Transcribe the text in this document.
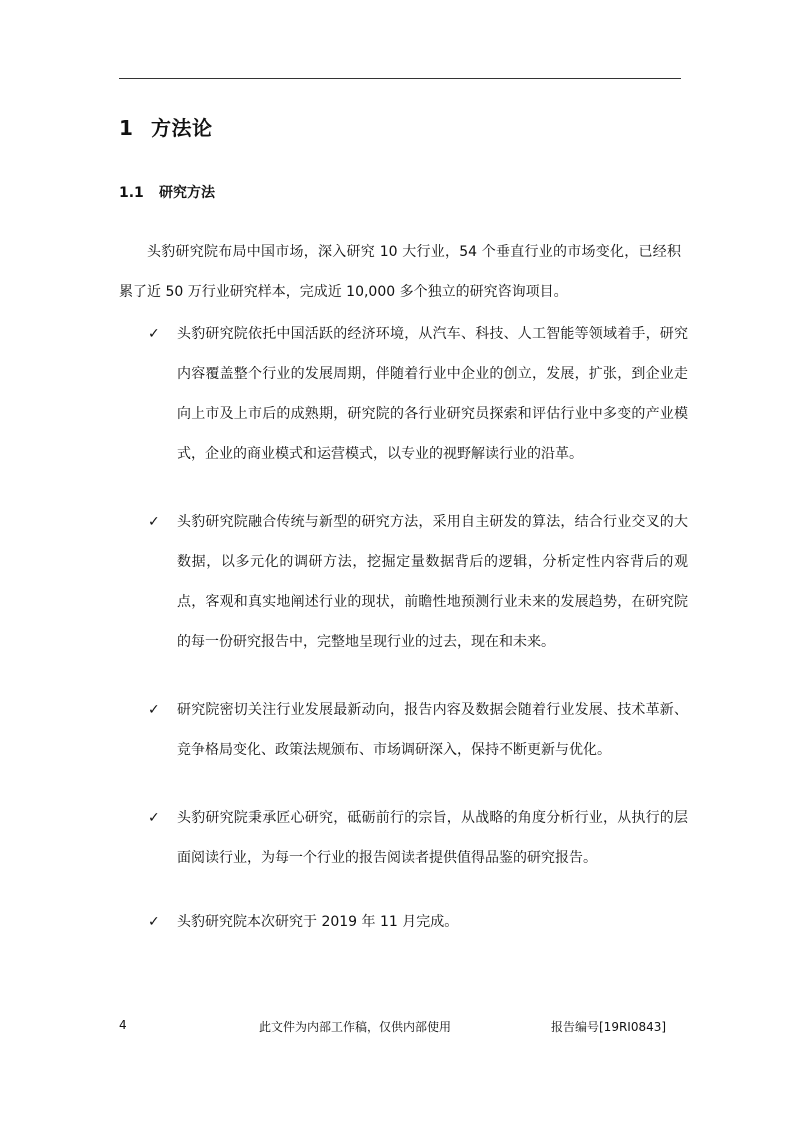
1 方法论
1.1 研究方法
头豹研究院布局中国市场，深入研究 10 大行业，54 个垂直行业的市场变化，已经积累了近 50 万行业研究样本，完成近 10,000 多个独立的研究咨询项目。
✓ 头豹研究院依托中国活跃的经济环境，从汽车、科技、人工智能等领域着手，研究内容覆盖整个行业的发展周期，伴随着行业中企业的创立，发展，扩张，到企业走向上市及上市后的成熟期，研究院的各行业研究员探索和评估行业中多变的产业模式，企业的商业模式和运营模式，以专业的视野解读行业的沿革。
✓ 头豹研究院融合传统与新型的研究方法，采用自主研发的算法，结合行业交叉的大数据，以多元化的调研方法，挖掘定量数据背后的逻辑，分析定性内容背后的观点，客观和真实地阐述行业的现状，前瞻性地预测行业未来的发展趋势，在研究院的每一份研究报告中，完整地呈现行业的过去，现在和未来。
✓ 研究院密切关注行业发展最新动向，报告内容及数据会随着行业发展、技术革新、竞争格局变化、政策法规颁布、市场调研深入，保持不断更新与优化。
✓ 头豹研究院秉承匠心研究，砥砺前行的宗旨，从战略的角度分析行业，从执行的层面阅读行业，为每一个行业的报告阅读者提供值得品鉴的研究报告。
✓ 头豹研究院本次研究于 2019 年 11 月完成。
4	此文件为内部工作稿，仅供内部使用	报告编号[19RI0843]
